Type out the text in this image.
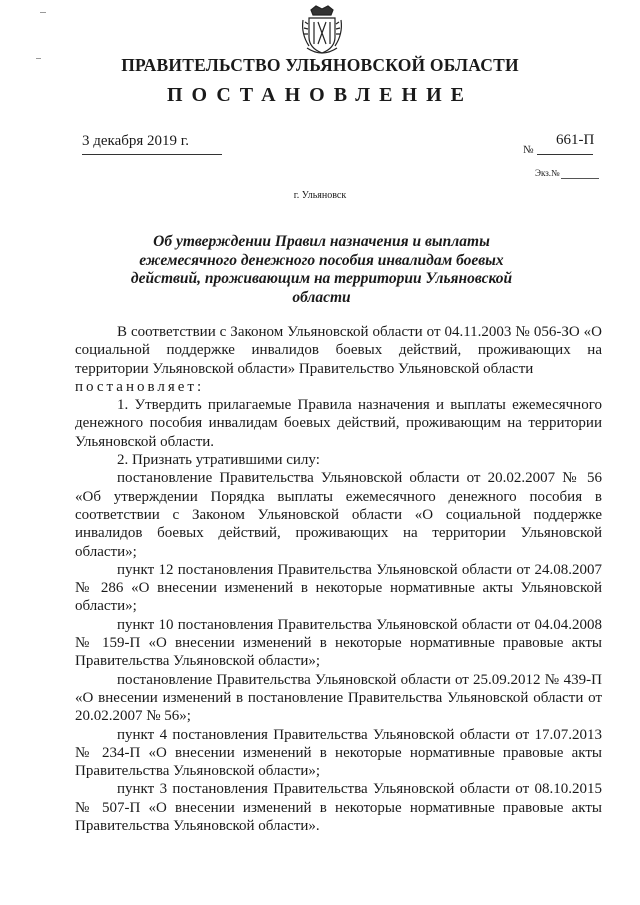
ПРАВИТЕЛЬСТВО УЛЬЯНОВСКОЙ ОБЛАСТИ
ПОСТАНОВЛЕНИЕ
3 декабря 2019 г.
№
661-П
Экз.№
г. Ульяновск
Об утверждении Правил назначения и выплаты ежемесячного денежного пособия инвалидам боевых действий, проживающим на территории Ульяновской области

В соответствии с Законом Ульяновской области от 04.11.2003 № 056-ЗО «О социальной поддержке инвалидов боевых действий, проживающих на территории Ульяновской области» Правительство Ульяновской области
постановляет:

1. Утвердить прилагаемые Правила назначения и выплаты ежемесячного денежного пособия инвалидам боевых действий, проживающим на территории Ульяновской области.

2. Признать утратившими силу:

постановление Правительства Ульяновской области от 20.02.2007 № 56 «Об утверждении Порядка выплаты ежемесячного денежного пособия в соответствии с Законом Ульяновской области «О социальной поддержке инвалидов боевых действий, проживающих на территории Ульяновской области»;

пункт 12 постановления Правительства Ульяновской области от 24.08.2007 № 286 «О внесении изменений в некоторые нормативные акты Ульяновской области»;

пункт 10 постановления Правительства Ульяновской области от 04.04.2008 № 159-П «О внесении изменений в некоторые нормативные правовые акты Правительства Ульяновской области»;

постановление Правительства Ульяновской области от 25.09.2012 № 439-П «О внесении изменений в постановление Правительства Ульяновской области от 20.02.2007 № 56»;

пункт 4 постановления Правительства Ульяновской области от 17.07.2013 № 234-П «О внесении изменений в некоторые нормативные правовые акты Правительства Ульяновской области»;

пункт 3 постановления Правительства Ульяновской области от 08.10.2015 № 507-П «О внесении изменений в некоторые нормативные правовые акты Правительства Ульяновской области».
